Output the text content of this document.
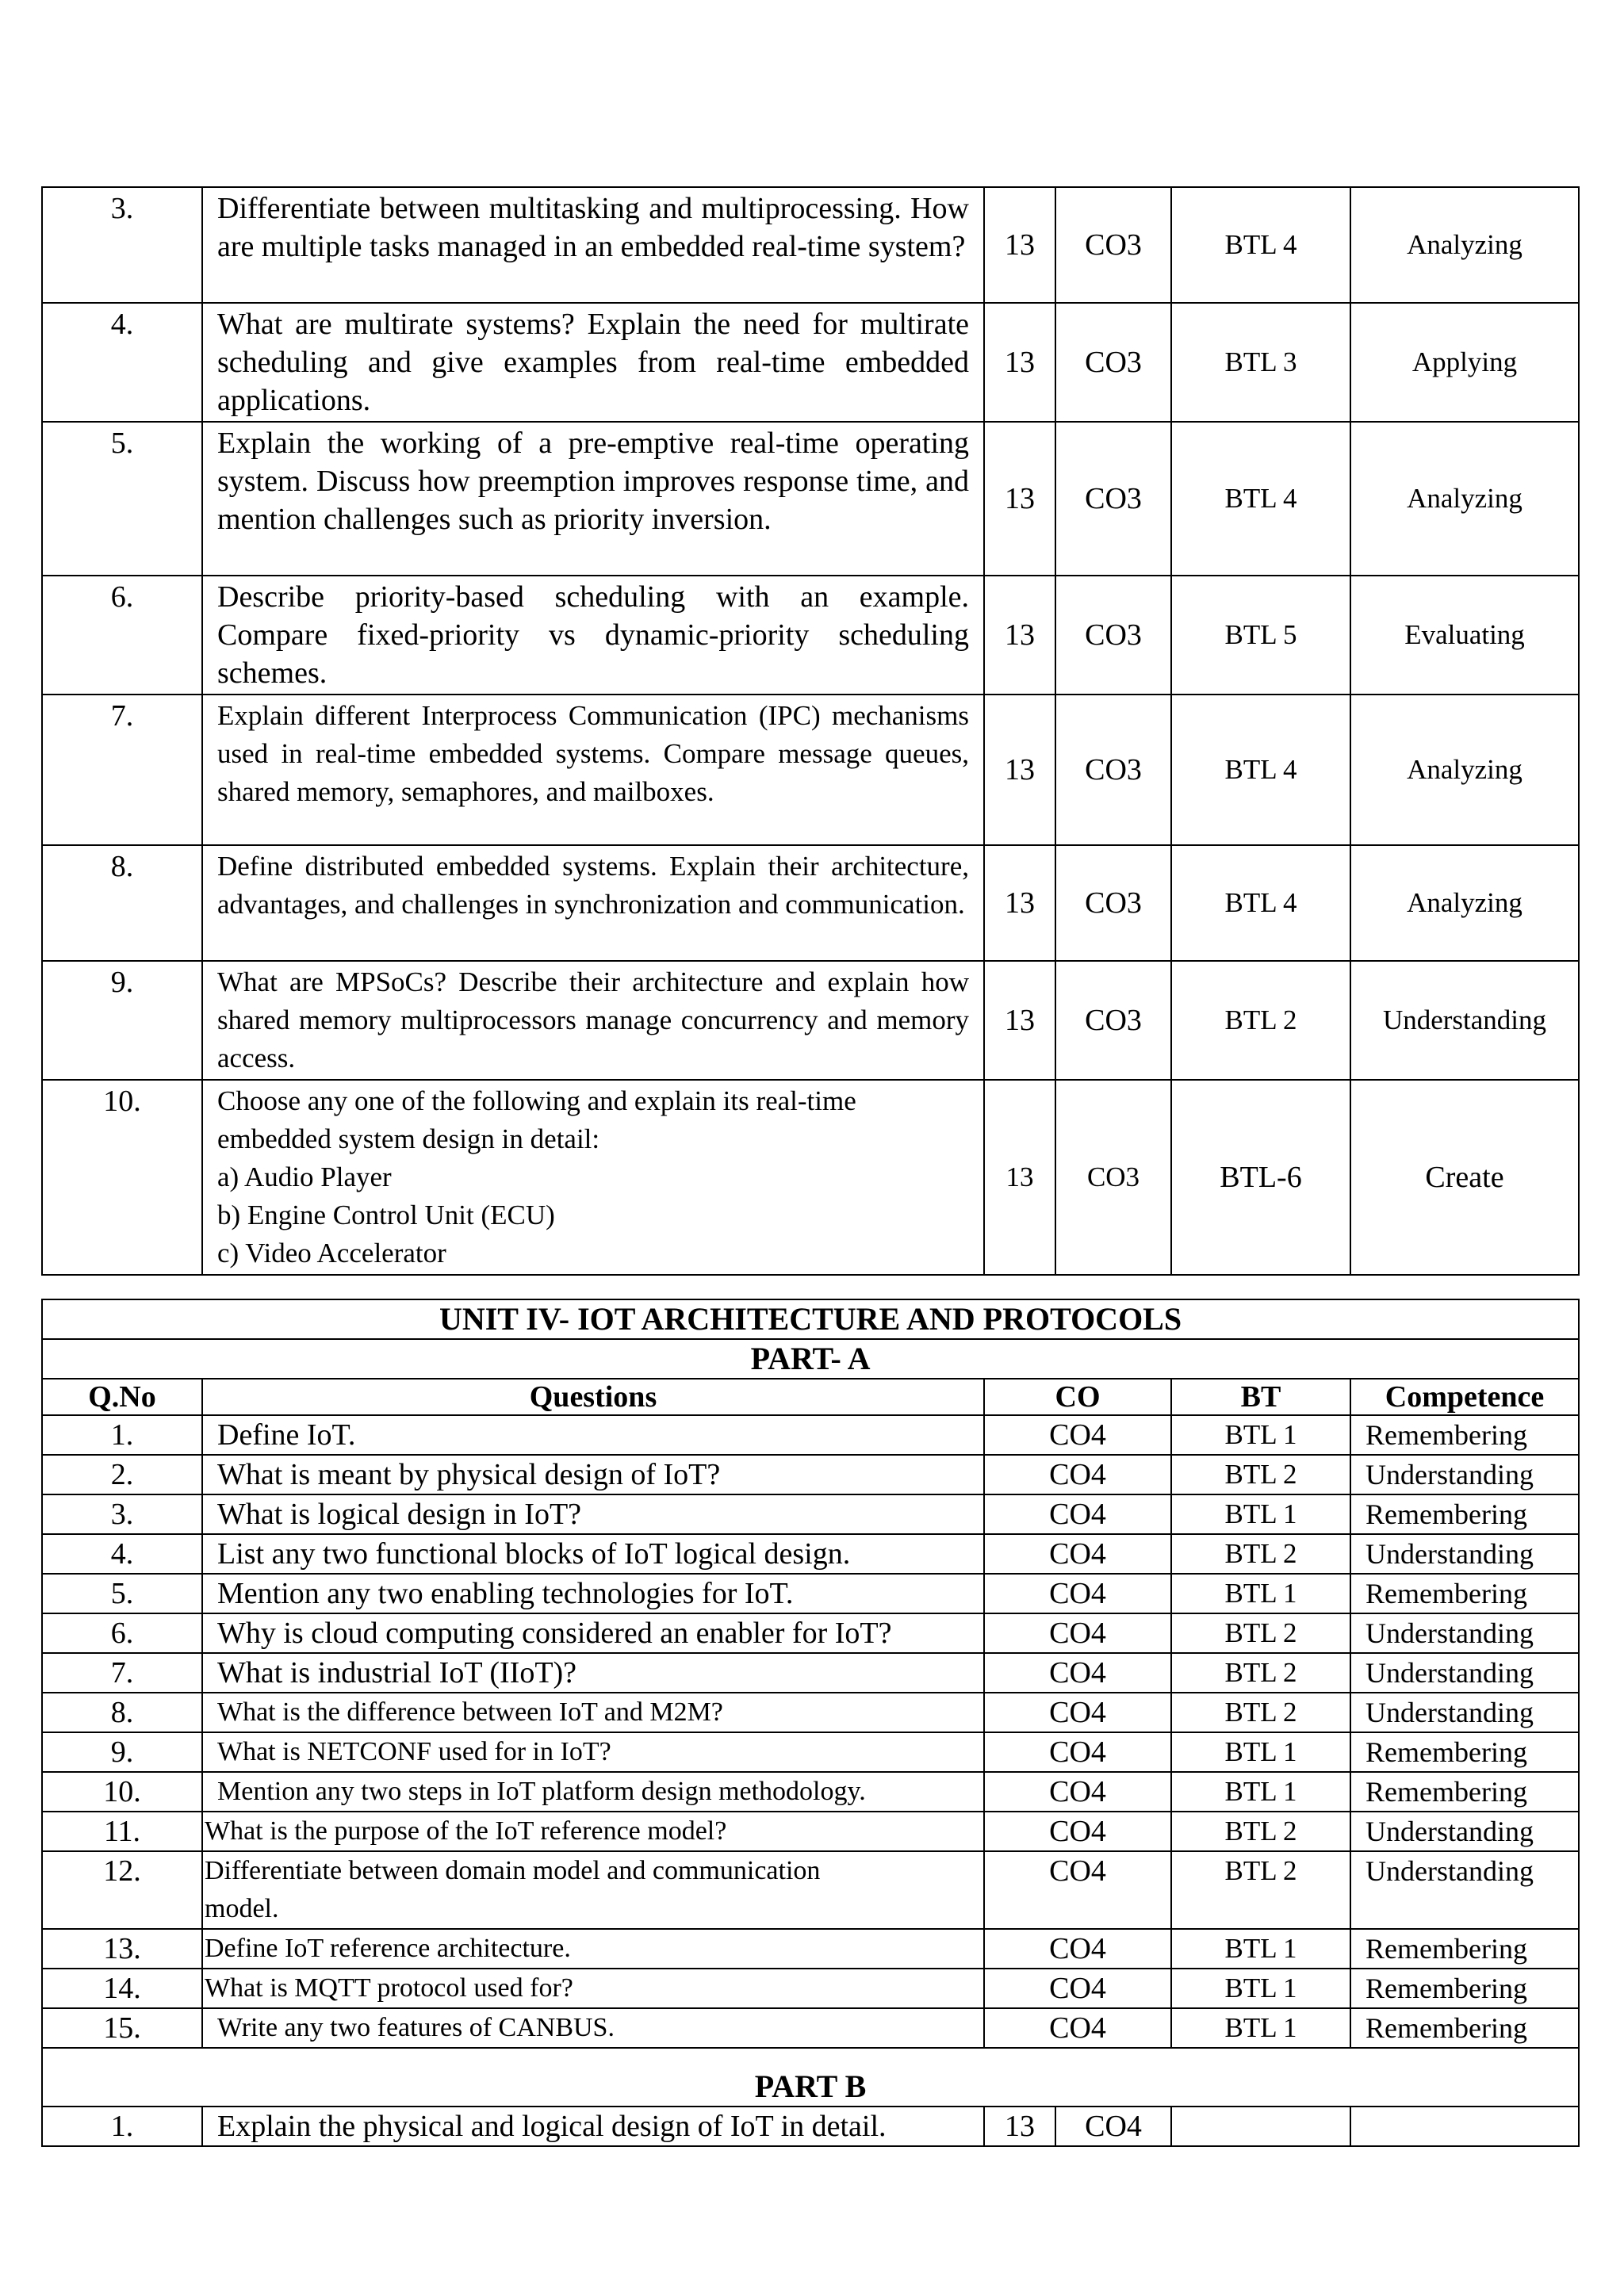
3.	Differentiate between multitasking and multiprocessing. How are multiple tasks managed in an embedded real-time system?	13	CO3	BTL 4	Analyzing
4.	What are multirate systems? Explain the need for multirate scheduling and give examples from real-time embedded applications.	13	CO3	BTL 3	Applying
5.	Explain the working of a pre-emptive real-time operating system. Discuss how preemption improves response time, and mention challenges such as priority inversion.	13	CO3	BTL 4	Analyzing
6.	Describe priority-based scheduling with an example. Compare fixed-priority vs dynamic-priority scheduling schemes.	13	CO3	BTL 5	Evaluating
7.	Explain different Interprocess Communication (IPC) mechanisms used in real-time embedded systems. Compare message queues, shared memory, semaphores, and mailboxes.	13	CO3	BTL 4	Analyzing
8.	Define distributed embedded systems. Explain their architecture, advantages, and challenges in synchronization and communication.	13	CO3	BTL 4	Analyzing
9.	What are MPSoCs? Describe their architecture and explain how shared memory multiprocessors manage concurrency and memory access.	13	CO3	BTL 2	Understanding
10.	Choose any one of the following and explain its real-time
embedded system design in detail:
a) Audio Player
b) Engine Control Unit (ECU)
c) Video Accelerator	13	CO3	BTL-6	Create
UNIT IV- IOT ARCHITECTURE AND PROTOCOLS					
PART- A					
Q.No	Questions	CO		BT	Competence
1.	Define IoT.	CO4		BTL 1	Remembering
2.	What is meant by physical design of IoT?	CO4		BTL 2	Understanding
3.	What is logical design in IoT?	CO4		BTL 1	Remembering
4.	List any two functional blocks of IoT logical design.	CO4		BTL 2	Understanding
5.	Mention any two enabling technologies for IoT.	CO4		BTL 1	Remembering
6.	Why is cloud computing considered an enabler for IoT?	CO4		BTL 2	Understanding
7.	What is industrial IoT (IIoT)?	CO4		BTL 2	Understanding
8.	What is the difference between IoT and M2M?	CO4		BTL 2	Understanding
9.	What is NETCONF used for in IoT?	CO4		BTL 1	Remembering
10.	Mention any two steps in IoT platform design methodology.	CO4		BTL 1	Remembering
11.	What is the purpose of the IoT reference model?	CO4		BTL 2	Understanding
12.	Differentiate between domain model and communication model.	CO4		BTL 2	Understanding
13.	Define IoT reference architecture.	CO4		BTL 1	Remembering
14.	What is MQTT protocol used for?	CO4		BTL 1	Remembering
15.	Write any two features of CANBUS.	CO4		BTL 1	Remembering
PART B					
1.	Explain the physical and logical design of IoT in detail.	13	CO4		
